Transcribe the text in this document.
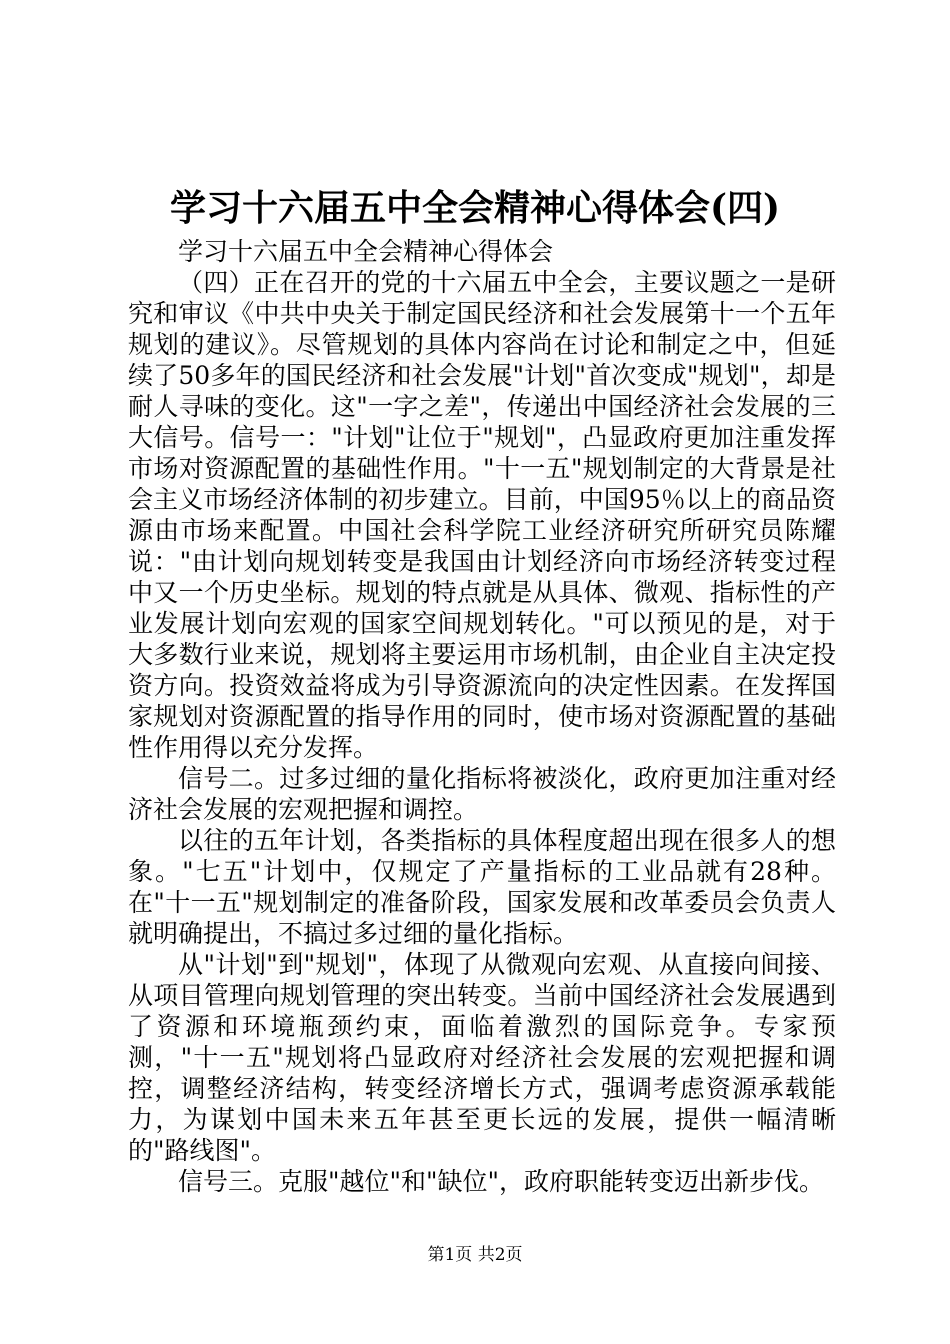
学习十六届五中全会精神心得体会(四)

学习十六届五中全会精神心得体会

（四）正在召开的党的十六届五中全会，主要议题之一是研究和审议《中共中央关于制定国民经济和社会发展第十一个五年规划的建议》。尽管规划的具体内容尚在讨论和制定之中，但延续了50多年的国民经济和社会发展"计划"首次变成"规划"，却是耐人寻味的变化。这"一字之差"，传递出中国经济社会发展的三大信号。信号一："计划"让位于"规划"，凸显政府更加注重发挥市场对资源配置的基础性作用。"十一五"规划制定的大背景是社会主义市场经济体制的初步建立。目前，中国95％以上的商品资源由市场来配置。中国社会科学院工业经济研究所研究员陈耀说："由计划向规划转变是我国由计划经济向市场经济转变过程中又一个历史坐标。规划的特点就是从具体、微观、指标性的产业发展计划向宏观的国家空间规划转化。"可以预见的是，对于大多数行业来说，规划将主要运用市场机制，由企业自主决定投资方向。投资效益将成为引导资源流向的决定性因素。在发挥国家规划对资源配置的指导作用的同时，使市场对资源配置的基础性作用得以充分发挥。

信号二。过多过细的量化指标将被淡化，政府更加注重对经济社会发展的宏观把握和调控。

以往的五年计划，各类指标的具体程度超出现在很多人的想象。"七五"计划中，仅规定了产量指标的工业品就有28种。在"十一五"规划制定的准备阶段，国家发展和改革委员会负责人就明确提出，不搞过多过细的量化指标。

从"计划"到"规划"，体现了从微观向宏观、从直接向间接、从项目管理向规划管理的突出转变。当前中国经济社会发展遇到了资源和环境瓶颈约束，面临着激烈的国际竞争。专家预测，"十一五"规划将凸显政府对经济社会发展的宏观把握和调控，调整经济结构，转变经济增长方式，强调考虑资源承载能力，为谋划中国未来五年甚至更长远的发展，提供一幅清晰的"路线图"。

信号三。克服"越位"和"缺位"，政府职能转变迈出新步伐。

第1页 共2页
